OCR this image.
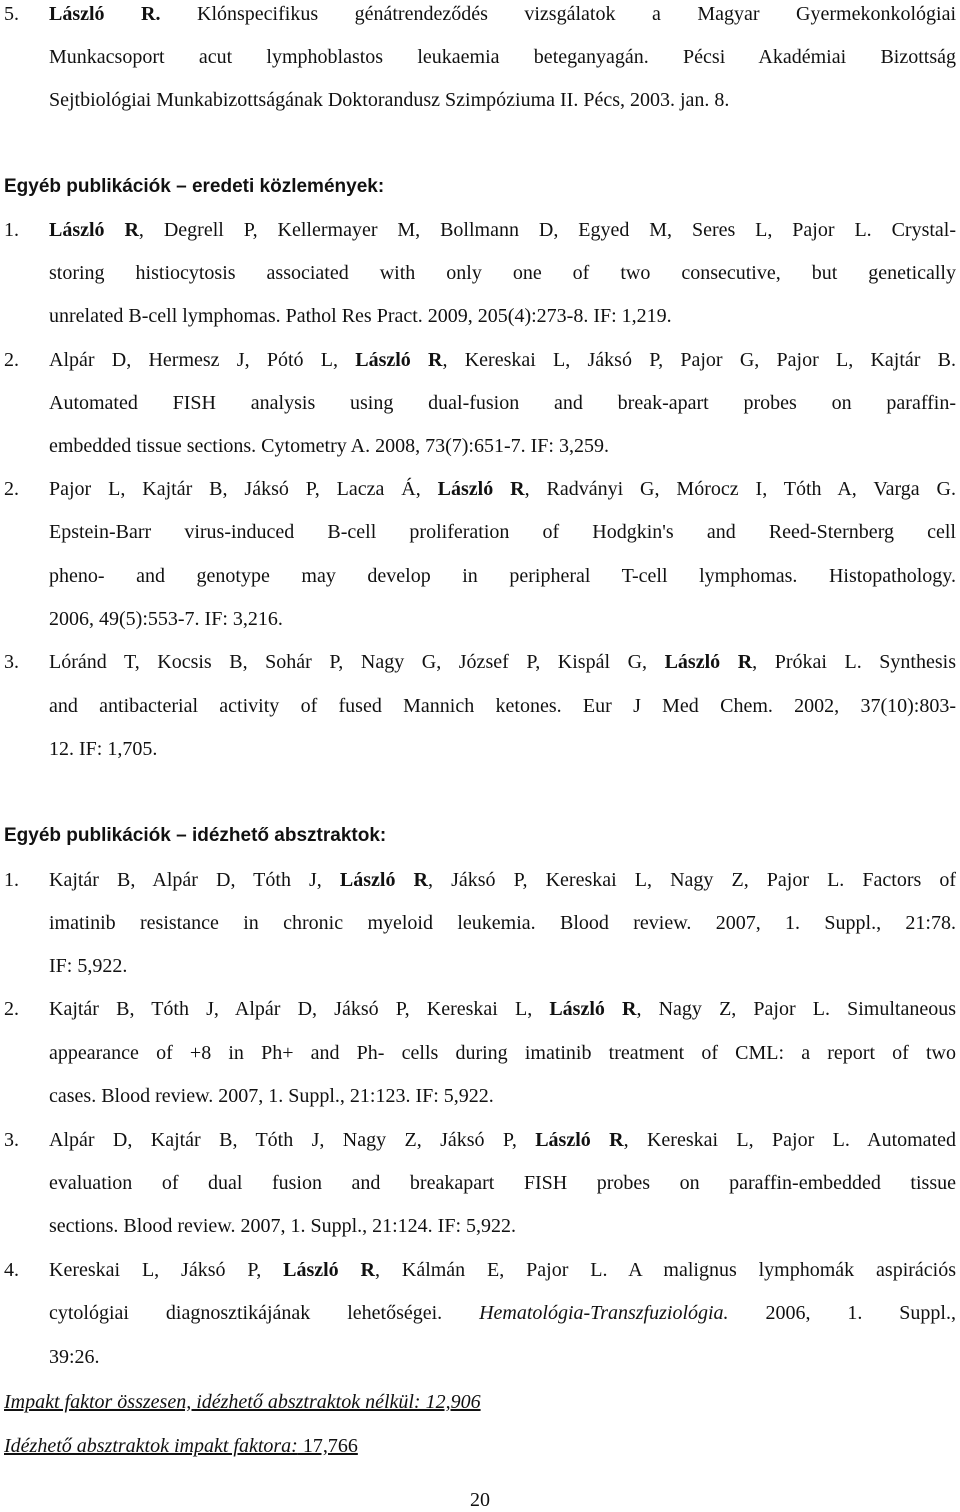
5. László R. Klónspecifikus génátrendeződés vizsgálatok a Magyar Gyermekonkológiai
Munkacsoport acut lymphoblastos leukaemia beteganyagán. Pécsi Akadémiai Bizottság
Sejtbiológiai Munkabizottságának Doktorandusz Szimpóziuma II. Pécs, 2003. jan. 8.
Egyéb publikációk – eredeti közlemények:
1. László R, Degrell P, Kellermayer M, Bollmann D, Egyed M, Seres L, Pajor L. Crystal-
storing histiocytosis associated with only one of two consecutive, but genetically
unrelated B-cell lymphomas. Pathol Res Pract. 2009, 205(4):273-8. IF: 1,219.
2. Alpár D, Hermesz J, Pótó L, László R, Kereskai L, Jáksó P, Pajor G, Pajor L, Kajtár B.
Automated FISH analysis using dual-fusion and break-apart probes on paraffin-
embedded tissue sections. Cytometry A. 2008, 73(7):651-7. IF: 3,259.
2. Pajor L, Kajtár B, Jáksó P, Lacza Á, László R, Radványi G, Mórocz I, Tóth A, Varga G.
Epstein-Barr virus-induced B-cell proliferation of Hodgkin's and Reed-Sternberg cell
pheno- and genotype may develop in peripheral T-cell lymphomas. Histopathology.
2006, 49(5):553-7. IF: 3,216.
3. Lóránd T, Kocsis B, Sohár P, Nagy G, József P, Kispál G, László R, Prókai L. Synthesis
and antibacterial activity of fused Mannich ketones. Eur J Med Chem. 2002, 37(10):803-
12. IF: 1,705.
Egyéb publikációk – idézhető absztraktok:
1. Kajtár B, Alpár D, Tóth J, László R, Jáksó P, Kereskai L, Nagy Z, Pajor L. Factors of
imatinib resistance in chronic myeloid leukemia. Blood review. 2007, 1. Suppl., 21:78.
IF: 5,922.
2. Kajtár B, Tóth J, Alpár D, Jáksó P, Kereskai L, László R, Nagy Z, Pajor L. Simultaneous
appearance of +8 in Ph+ and Ph- cells during imatinib treatment of CML: a report of two
cases. Blood review. 2007, 1. Suppl., 21:123. IF: 5,922.
3. Alpár D, Kajtár B, Tóth J, Nagy Z, Jáksó P, László R, Kereskai L, Pajor L. Automated
evaluation of dual fusion and breakapart FISH probes on paraffin-embedded tissue
sections. Blood review. 2007, 1. Suppl., 21:124. IF: 5,922.
4. Kereskai L, Jáksó P, László R, Kálmán E, Pajor L. A malignus lymphomák aspirációs
cytológiai diagnosztikájának lehetőségei. Hematológia-Transzfuziológia. 2006, 1. Suppl.,
39:26.
Impakt faktor összesen, idézhető absztraktok nélkül: 12,906
Idézhető absztraktok impakt faktora: 17,766
20
